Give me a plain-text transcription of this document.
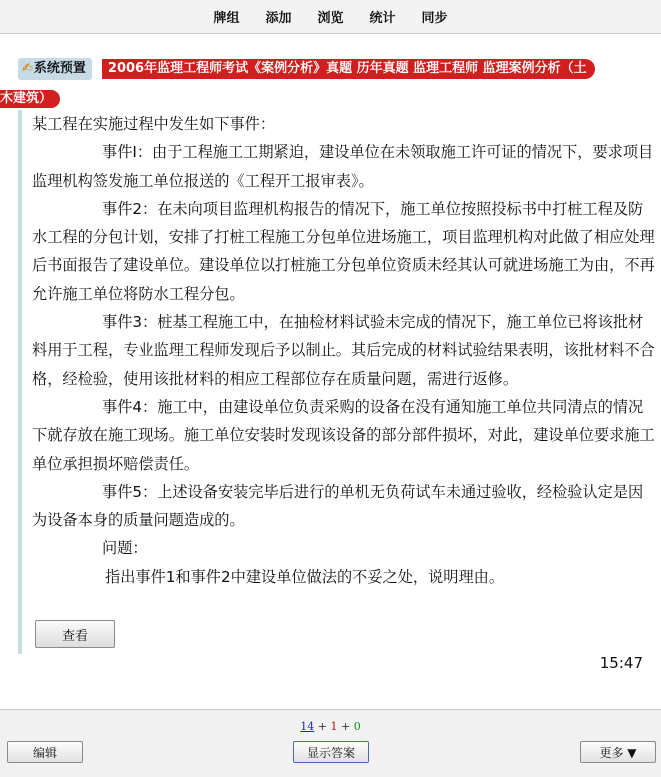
牌组	添加	浏览	统计	同步
✍系统预置 2006年监理工程师考试《案例分析》真题 历年真题 监理工程师 监理案例分析（土
木建筑）

某工程在实施过程中发生如下事件：

事件I：由于工程施工工期紧迫，建设单位在未领取施工许可证的情况下，要求项目监理机构签发施工单位报送的《工程开工报审表》。

事件2：在未向项目监理机构报告的情况下，施工单位按照投标书中打桩工程及防水工程的分包计划，安排了打桩工程施工分包单位进场施工，项目监理机构对此做了相应处理后书面报告了建设单位。建设单位以打桩施工分包单位资质未经其认可就进场施工为由，不再允许施工单位将防水工程分包。

事件3：桩基工程施工中，在抽检材料试验未完成的情况下，施工单位已将该批材料用于工程，专业监理工程师发现后予以制止。其后完成的材料试验结果表明，该批材料不合格，经检验，使用该批材料的相应工程部位存在质量问题，需进行返修。

事件4：施工中，由建设单位负责采购的设备在没有通知施工单位共同清点的情况下就存放在施工现场。施工单位安装时发现该设备的部分部件损坏，对此，建设单位要求施工单位承担损坏赔偿责任。

事件5：上述设备安装完毕后进行的单机无负荷试车未通过验收，经检验认定是因为设备本身的质量问题造成的。

问题：

指出事件1和事件2中建设单位做法的不妥之处，说明理由。

查看
15:47
14 + 1 + 0
编辑	显示答案	更多 ▼
